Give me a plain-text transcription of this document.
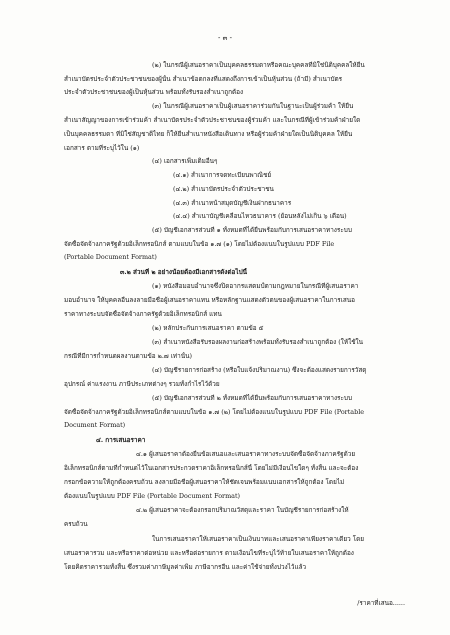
- ๓ -
(๒) ในกรณีผู้เสนอราคาเป็นบุคคลธรรมดาหรือคณะบุคคลที่มิใช่นิติบุคคลให้ยื่น
สำเนาบัตรประจำตัวประชาชนของผู้นั้น สำเนาข้อตกลงที่แสดงถึงการเข้าเป็นหุ้นส่วน (ถ้ามี) สำเนาบัตร
ประจำตัวประชาชนของผู้เป็นหุ้นส่วน พร้อมทั้งรับรองสำเนาถูกต้อง
(๓) ในกรณีผู้เสนอราคาเป็นผู้เสนอราคาร่วมกันในฐานะเป็นผู้ร่วมค้า ให้ยื่น
สำเนาสัญญาของการเข้าร่วมค้า สำเนาบัตรประจำตัวประชาชนของผู้ร่วมค้า และในกรณีที่ผู้เข้าร่วมค้าฝ่ายใด
เป็นบุคคลธรรมดา ที่มิใช่สัญชาติไทย ก็ให้ยื่นสำเนาหนังสือเดินทาง หรือผู้ร่วมค้าฝ่ายใดเป็นนิติบุคคล ให้ยื่น
เอกสาร ตามที่ระบุไว้ใน (๑)
(๔) เอกสารเพิ่มเติมอื่นๆ
(๔.๑) สำเนาการจดทะเบียนพาณิชย์
(๔.๒) สำเนาบัตรประจำตัวประชาชน
(๔.๓) สำเนาหน้าสมุดบัญชีเงินฝากธนาคาร
(๔.๔) สำเนาบัญชีเคลื่อนไหวธนาคาร (ย้อนหลังไม่เกิน ๖ เดือน)
(๕) บัญชีเอกสารส่วนที่ ๑ ทั้งหมดที่ได้ยื่นพร้อมกับการเสนอราคาทางระบบ
จัดซื้อจัดจ้างภาครัฐด้วยอิเล็กทรอนิกส์ ตามแบบในข้อ ๑.๗ (๑) โดยไม่ต้องแนบในรูปแบบ PDF File
(Portable Document Format)
๓.๒ ส่วนที่ ๒ อย่างน้อยต้องมีเอกสารดังต่อไปนี้
(๑) หนังสือมอบอำนาจซึ่งปิดอากรแสตมป์ตามกฎหมายในกรณีที่ผู้เสนอราคา
มอบอำนาจ ให้บุคคลอื่นลงลายมือชื่อผู้เสนอราคาแทน หรือหลักฐานแสดงตัวตนของผู้เสนอราคาในการเสนอ
ราคาทางระบบจัดซื้อจัดจ้างภาครัฐด้วยอิเล็กทรอนิกส์ แทน
(๒) หลักประกันการเสนอราคา ตามข้อ ๕
(๓) สำเนาหนังสือรับรองผลงานก่อสร้างพร้อมทั้งรับรองสำเนาถูกต้อง (ให้ใช้ใน
กรณีที่มีการกำหนดผลงานตามข้อ ๒.๗ เท่านั้น)
(๔) บัญชีรายการก่อสร้าง (หรือใบแจ้งปริมาณงาน) ซึ่งจะต้องแสดงรายการวัสดุ
อุปกรณ์ ค่าแรงงาน ภาษีประเภทต่างๆ รวมทั้งกำไรไว้ด้วย
(๕) บัญชีเอกสารส่วนที่ ๒ ทั้งหมดที่ได้ยื่นพร้อมกับการเสนอราคาทางระบบ
จัดซื้อจัดจ้างภาครัฐด้วยอิเล็กทรอนิกส์ตามแบบในข้อ ๑.๗ (๒) โดยไม่ต้องแนบในรูปแบบ PDF File (Portable
Document Format)
๔. การเสนอราคา
๔.๑ ผู้เสนอราคาต้องยื่นข้อเสนอและเสนอราคาทางระบบจัดซื้อจัดจ้างภาครัฐด้วย
อิเล็กทรอนิกส์ตามที่กำหนดไว้ในเอกสารประกวดราคาอิเล็กทรอนิกส์นี้ โดยไม่มีเงื่อนไขใดๆ ทั้งสิ้น และจะต้อง
กรอกข้อความให้ถูกต้องครบถ้วน ลงลายมือชื่อผู้เสนอราคาให้ชัดเจนพร้อมแนบเอกสารให้ถูกต้อง โดยไม่
ต้องแนบในรูปแบบ PDF File (Portable Document Format)
๔.๒ ผู้เสนอราคาจะต้องกรอกปริมาณวัสดุและราคา ในบัญชีรายการก่อสร้างให้
ครบถ้วน
ในการเสนอราคาให้เสนอราคาเป็นเงินบาทและเสนอราคาเพียงราคาเดียว โดย
เสนอราคารวม และหรือราคาต่อหน่วย และหรือต่อรายการ ตามเงื่อนไขที่ระบุไว้ท้ายใบเสนอราคาให้ถูกต้อง
โดยคิดราคารวมทั้งสิ้น ซึ่งรวมค่าภาษีมูลค่าเพิ่ม ภาษีอากรอื่น และค่าใช้จ่ายทั้งปวงไว้แล้ว
/ราคาที่เสนอ......
